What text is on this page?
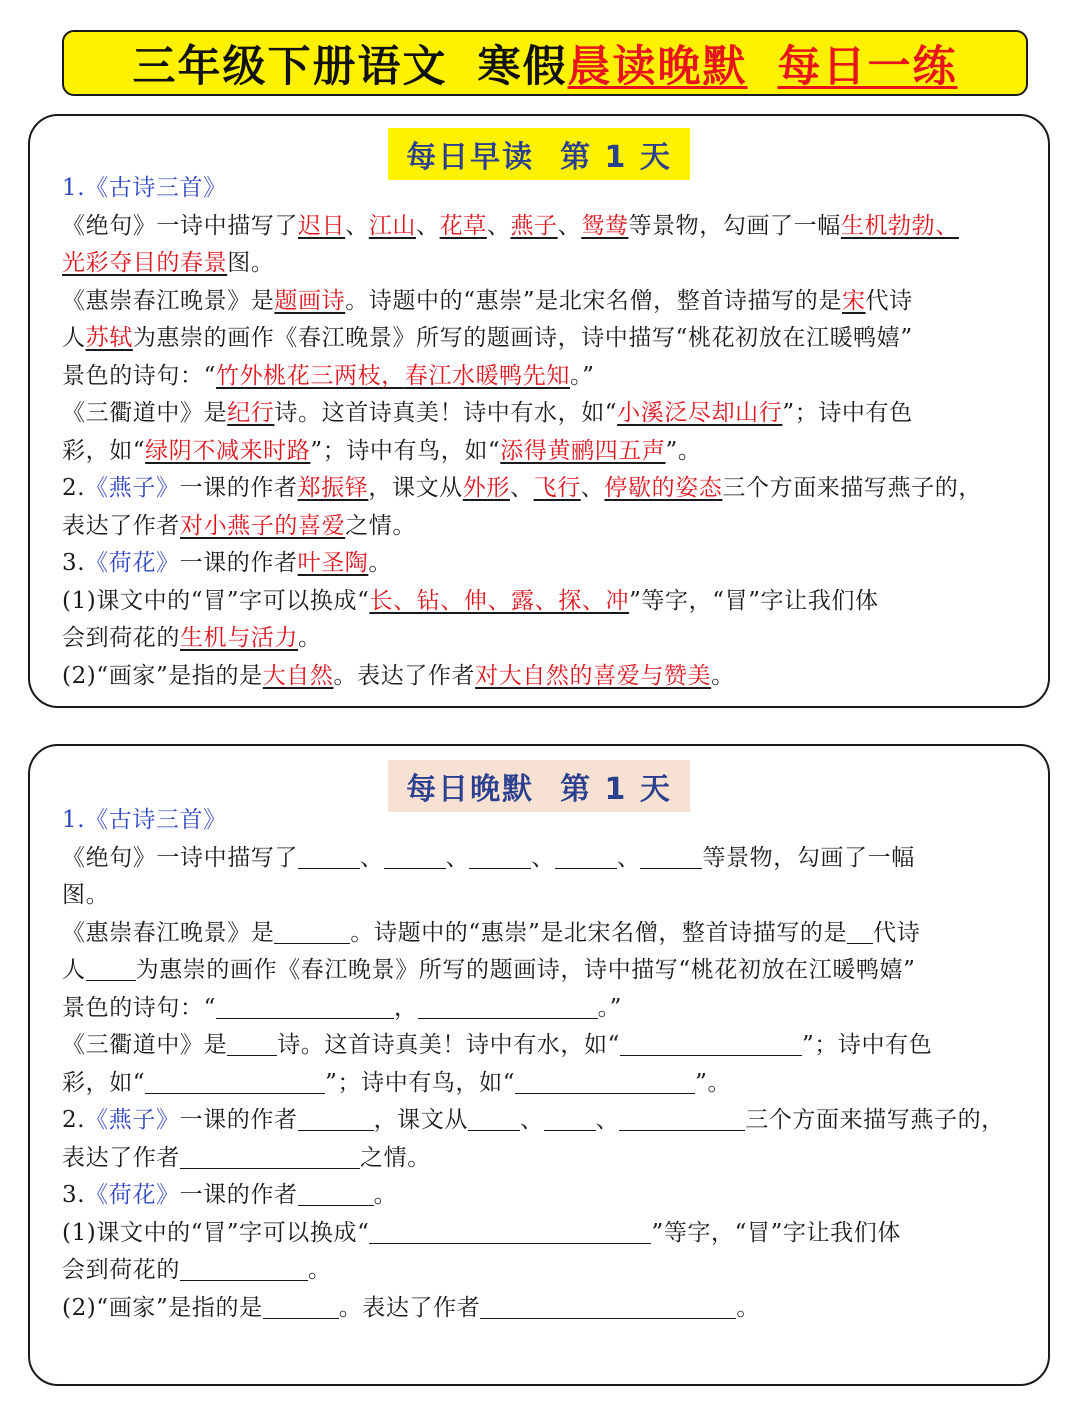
三年级下册语文 寒假 晨读晚默 每日一练
每日早读 第 1 天
1.《古诗三首》
《绝句》一诗中描写了迟日、江山、花草、燕子、鸳鸯等景物，勾画了一幅生机勃勃、
光彩夺目的春景图。
《惠崇春江晚景》是题画诗。诗题中的“惠崇”是北宋名僧，整首诗描写的是宋代诗
人苏轼为惠崇的画作《春江晚景》所写的题画诗，诗中描写“桃花初放在江暖鸭嬉”
景色的诗句：“竹外桃花三两枝，春江水暖鸭先知。”
《三衢道中》是纪行诗。这首诗真美！诗中有水，如“小溪泛尽却山行”；诗中有色
彩，如“绿阴不减来时路”；诗中有鸟，如“添得黄鹂四五声”。
2.《燕子》一课的作者郑振铎，课文从外形、飞行、停歇的姿态三个方面来描写燕子的，
表达了作者对小燕子的喜爱之情。
3.《荷花》一课的作者叶圣陶。
(1)课文中的“冒”字可以换成“长、钻、伸、露、探、冲”等字，“冒”字让我们体
会到荷花的生机与活力。
(2)“画家”是指的是大自然。表达了作者对大自然的喜爱与赞美。
每日晚默 第 1 天
1.《古诗三首》
《绝句》一诗中描写了	、	、	、	、	等景物，勾画了一幅
图。
《惠崇春江晚景》是	。诗题中的“惠崇”是北宋名僧，整首诗描写的是 代诗
人 为惠崇的画作《春江晚景》所写的题画诗，诗中描写“桃花初放在江暖鸭嬉”
景色的诗句：“	，	。”
《三衢道中》是 诗。这首诗真美！诗中有水，如“	”；诗中有色
彩，如“	”；诗中有鸟，如“	”。
2.《燕子》一课的作者	，课文从 、 、	三个方面来描写燕子的，
表达了作者	之情。
3.《荷花》一课的作者	。
(1)课文中的“冒”字可以换成“	”等字，“冒”字让我们体
会到荷花的	。
(2)“画家”是指的是	。表达了作者	。
